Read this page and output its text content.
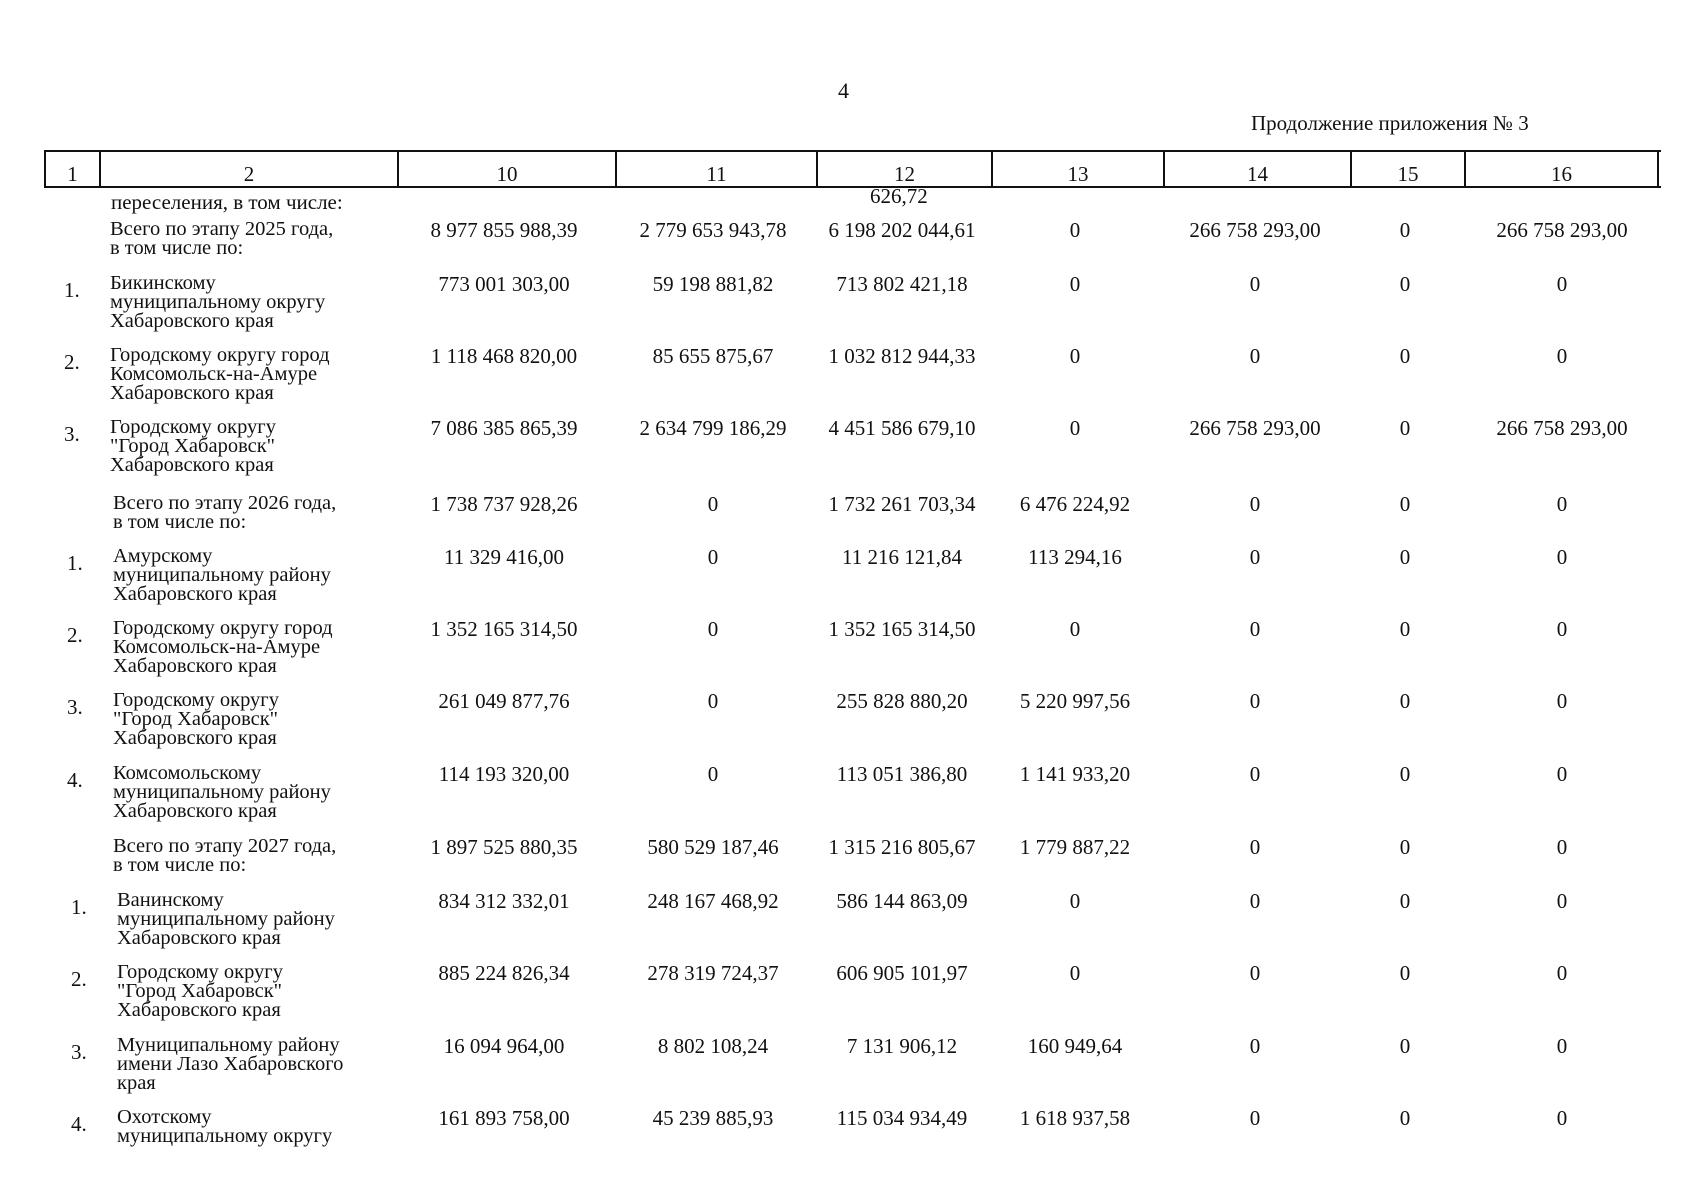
4
Продолжение приложения № 3
1	2	10	11	12	13	14	15	16
переселения, в том числе:	626,72
Всего по этапу 2025 года,
в том числе по:
8 977 855 988,39	2 779 653 943,78	6 198 202 044,61	0	266 758 293,00	0	266 758 293,00
1. Бикинскому
муниципальному округу
Хабаровского края
773 001 303,00	59 198 881,82	713 802 421,18	0	0	0	0
2. Городскому округу город
Комсомольск-на-Амуре
Хабаровского края
1 118 468 820,00	85 655 875,67	1 032 812 944,33	0	0	0	0
3. Городскому округу
"Город Хабаровск"
Хабаровского края
7 086 385 865,39	2 634 799 186,29	4 451 586 679,10	0	266 758 293,00	0	266 758 293,00
Всего по этапу 2026 года,
в том числе по:
1 738 737 928,26	0	1 732 261 703,34	6 476 224,92	0	0	0
1. Амурскому
муниципальному району
Хабаровского края
11 329 416,00	0	11 216 121,84	113 294,16	0	0	0
2. Городскому округу город
Комсомольск-на-Амуре
Хабаровского края
1 352 165 314,50	0	1 352 165 314,50	0	0	0	0
3. Городскому округу
"Город Хабаровск"
Хабаровского края
261 049 877,76	0	255 828 880,20	5 220 997,56	0	0	0
4. Комсомольскому
муниципальному району
Хабаровского края
114 193 320,00	0	113 051 386,80	1 141 933,20	0	0	0
Всего по этапу 2027 года,
в том числе по:
1 897 525 880,35	580 529 187,46	1 315 216 805,67	1 779 887,22	0	0	0
1. Ванинскому
муниципальному району
Хабаровского края
834 312 332,01	248 167 468,92	586 144 863,09	0	0	0	0
2. Городскому округу
"Город Хабаровск"
Хабаровского края
885 224 826,34	278 319 724,37	606 905 101,97	0	0	0	0
3. Муниципальному району
имени Лазо Хабаровского
края
16 094 964,00	8 802 108,24	7 131 906,12	160 949,64	0	0	0
4. Охотскому
муниципальному округу
161 893 758,00	45 239 885,93	115 034 934,49	1 618 937,58	0	0	0
